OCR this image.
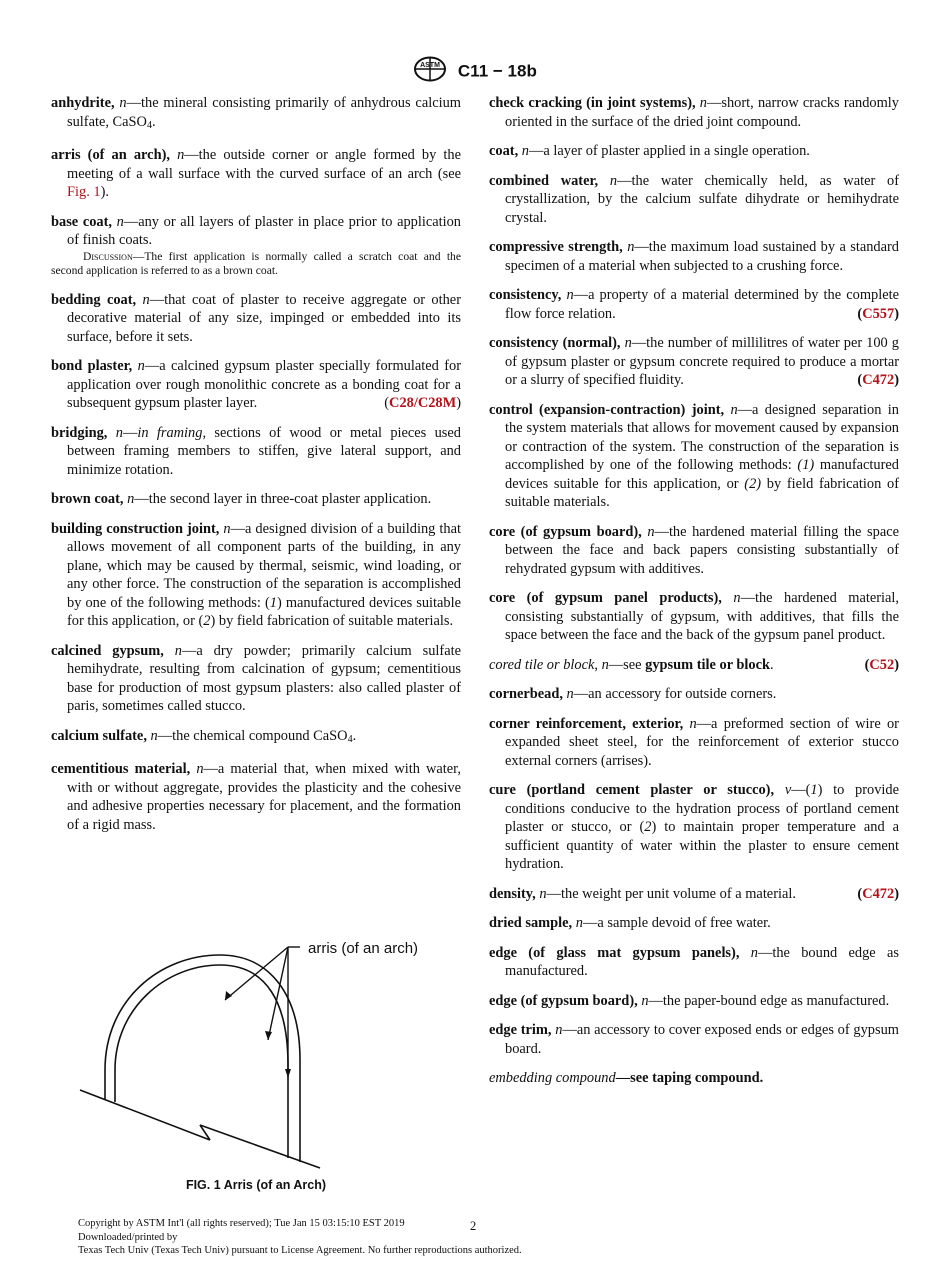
ASTM C11 − 18b

anhydrite, n—the mineral consisting primarily of anhydrous calcium sulfate, CaSO$_4$.

arris (of an arch), n—the outside corner or angle formed by the meeting of a wall surface with the curved surface of an arch (see Fig. 1).

base coat, n—any or all layers of plaster in place prior to application of finish coats.

Discussion—The first application is normally called a scratch coat and the second application is referred to as a brown coat.

bedding coat, n—that coat of plaster to receive aggregate or other decorative material of any size, impinged or embedded into its surface, before it sets.

bond plaster, n—a calcined gypsum plaster specially formulated for application over rough monolithic concrete as a bonding coat for a subsequent gypsum plaster layer.	(C28/C28M)

bridging, n—in framing, sections of wood or metal pieces used between framing members to stiffen, give lateral support, and minimize rotation.

brown coat, n—the second layer in three-coat plaster application.

building construction joint, n—a designed division of a building that allows movement of all component parts of the building, in any plane, which may be caused by thermal, seismic, wind loading, or any other force. The construction of the separation is accomplished by one of the following methods: (1) manufactured devices suitable for this application, or (2) by field fabrication of suitable materials.

calcined gypsum, n—a dry powder; primarily calcium sulfate hemihydrate, resulting from calcination of gypsum; cementitious base for production of most gypsum plasters: also called plaster of paris, sometimes called stucco.

calcium sulfate, n—the chemical compound CaSO$_4$.

cementitious material, n—a material that, when mixed with water, with or without aggregate, provides the plasticity and the cohesive and adhesive properties necessary for placement, and the formation of a rigid mass.

arris (of an arch)
FIG. 1 Arris (of an Arch)

check cracking (in joint systems), n—short, narrow cracks randomly oriented in the surface of the dried joint compound.

coat, n—a layer of plaster applied in a single operation.

combined water, n—the water chemically held, as water of crystallization, by the calcium sulfate dihydrate or hemihydrate crystal.

compressive strength, n—the maximum load sustained by a standard specimen of a material when subjected to a crushing force.

consistency, n—a property of a material determined by the complete flow force relation.	(C557)

consistency (normal), n—the number of millilitres of water per 100 g of gypsum plaster or gypsum concrete required to produce a mortar or a slurry of specified fluidity.	(C472)

control (expansion-contraction) joint, n—a designed separation in the system materials that allows for movement caused by expansion or contraction of the system. The construction of the separation is accomplished by one of the following methods: (1) manufactured devices suitable for this application, or (2) by field fabrication of suitable materials.

core (of gypsum board), n—the hardened material filling the space between the face and back papers consisting substantially of rehydrated gypsum with additives.

core (of gypsum panel products), n—the hardened material, consisting substantially of gypsum, with additives, that fills the space between the face and the back of the gypsum panel product.

cored tile or block, n—see gypsum tile or block.	(C52)

cornerbead, n—an accessory for outside corners.

corner reinforcement, exterior, n—a preformed section of wire or expanded sheet steel, for the reinforcement of exterior stucco external corners (arrises).

cure (portland cement plaster or stucco), v—(1) to provide conditions conducive to the hydration process of portland cement plaster or stucco, or (2) to maintain proper temperature and a sufficient quantity of water within the plaster to ensure cement hydration.

density, n—the weight per unit volume of a material.	(C472)

dried sample, n—a sample devoid of free water.

edge (of glass mat gypsum panels), n—the bound edge as manufactured.

edge (of gypsum board), n—the paper-bound edge as manufactured.

edge trim, n—an accessory to cover exposed ends or edges of gypsum board.

embedding compound—see taping compound.

Copyright by ASTM Int'l (all rights reserved); Tue Jan 15 03:15:10 EST 2019
Downloaded/printed by
Texas Tech Univ (Texas Tech Univ) pursuant to License Agreement. No further reproductions authorized.
2
